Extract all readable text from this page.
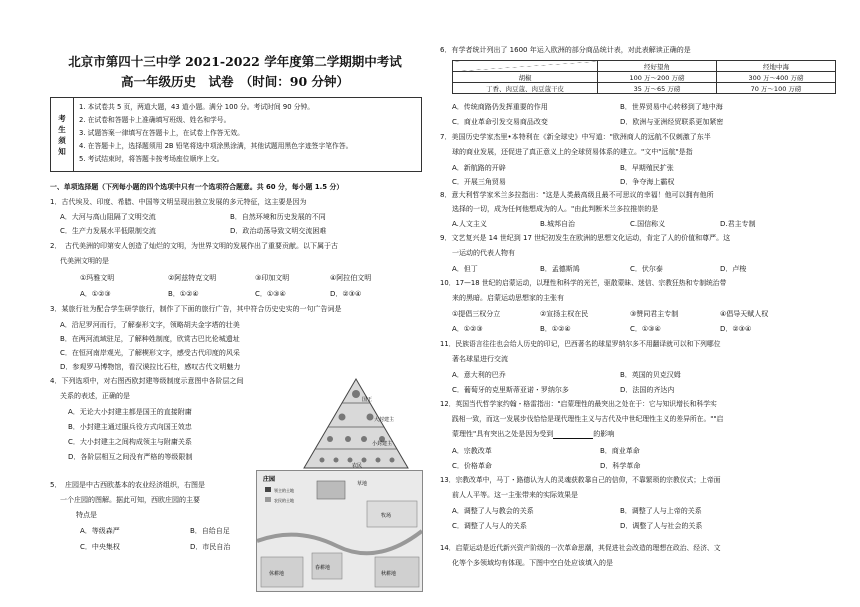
北京市第四十三中学 2021-2022 学年度第二学期期中考试
高一年级历史　试卷　（时间：90 分钟）
考
生
须
知
1. 本试卷共 5 页，两道大题，43 道小题。满分 100 分。考试时间 90 分钟。
2. 在试卷和答题卡上准确填写班级、姓名和学号。
3. 试题答案一律填写在答题卡上，在试卷上作答无效。
4. 在答题卡上，选择题须用 2B 铅笔将选中项涂黑涂满，其他试题用黑色字迹签字笔作答。
5. 考试结束时，将答题卡按考场座位顺序上交。
一、单项选择题（下列每小题的四个选项中只有一个选项符合题意。共 60 分，每小题 1.5 分）
1．古代埃及、印度、希腊、中国等文明呈现出独立发展的多元特征，这主要是因为
A．大河与高山阻隔了文明交流	B．自然环境和历史发展的不同
C．生产力发展水平低限制交流	D．政治动荡导致文明交流困难
2．　古代美洲的印第安人创造了灿烂的文明，为世界文明的发展作出了重要贡献。以下属于古
代美洲文明的是
①玛雅文明	②阿兹特克文明	③印加文明	④阿拉伯文明
A．①②③	B．①②④	C．①③④	D．②③④
3．某旅行社为配合学生研学旅行，制作了下面的旅行广告，其中符合历史史实的一句广告词是
A．沿尼罗河而行，了解泰形文字，领略胡夫金字塔的壮美
B．在两河流域驻足，了解种姓制度，欣赏古巴比伦城遗址
C．在恒河南岸观光，了解楔形文字，感受古代印度的风采
D．参观罗马博物馆，看汉谟拉比石柱，感叹古代文明魅力
4．下列选项中，对右图西欧封建等级制度示意图中各阶层之间
关系的表述，正确的是
A．无论大小封建主都是国王的直接附庸
B．小封建主通过服兵役方式向国王效忠
C．大小封建主之间构成领主与附庸关系
D．各阶层相互之间没有严格的等级限制
国王
大封建主
小封建主
农民
5．　庄园是中古西欧基本的农业经济组织，右图是
一个庄园的图解。据此可知，西欧庄园的主要
特点是
A．等级森严	B．自给自足
C．中央集权	D．市民自治
庄园
领主的土地
农民的土地
草地
牧场
休耕地	秋耕地
春耕地
6．有学者统计列出了 1600 年运入欧洲的部分商品统计表，对此表解读正确的是
	经好望角	经地中海
胡椒	100 万～200 万磅	300 万～400 万磅
丁香、肉豆蔻、肉豆蔻干皮	35 万～65 万磅	70 万～100 万磅
A．传统商路仍发挥重要的作用	B．世界贸易中心转移到了地中海
C．商业革命引发交易商品改变	D．欧洲与亚洲经贸联系更加紧密
7．美国历史学家杰里•本特利在《新全球史》中写道："欧洲商人的远航不仅刺激了东半
球的商业发展，还促进了真正意义上的全球贸易体系的建立。"文中"远航"是指
A．新航路的开辟	B．早期殖民扩张
C．开展三角贸易	D．争夺海上霸权
8．意大利哲学家米兰多拉指出："这是人类最高级且最不可思议的幸福！他可以拥有他所
选择的一切，成为任何他想成为的人。"由此判断米兰多拉推崇的是
A.人文主义	B.城邦自治	C.国信称义	D.君主专制
9．文艺复兴是 14 世纪到 17 世纪初发生在欧洲的思想文化运动，肯定了人的价值和尊严。这
一运动的代表人物有
A．但丁	B．孟德斯鸠	C．伏尔泰	D．卢梭
10．17—18 世纪的启蒙运动，以理性和科学的光芒，驱散蒙昧、迷信、宗教狂热和专制统治带
来的黑暗。启蒙运动思想家的主张有
①提倡三权分立	②宣扬主权在民	③赞同君主专制	④倡导天赋人权
A．①②③	B．①②④	C．①③④	D．②③④
11．民族语言往往也会给人历史的印记，巴西著名的球星罗纳尔多不用翻译就可以和下列哪位
著名球星进行交流
A．意大利的巴乔	B．英国的贝克汉姆
C．葡萄牙的克里斯蒂亚诺・罗纳尔多	D．法国的齐达内
12．英国当代哲学家约翰・格雷指出："启蒙理性的最突出之处在于：它与知识增长和科学实
践相一致，而这一发展步伐恰恰是现代理性主义与古代及中世纪理性主义的差异所在。""启
蒙理性"具有突出之处是因为受到	的影响
A．宗教改革	B．商业革命
C．价格革命	D．科学革命
13．宗教改革中，马丁・路德认为人的灵魂获救靠自己的信仰，不靠繁琐的宗教仪式；上帝面
前人人平等。这一主张带来的实际效果是
A．调整了人与教会的关系	B．调整了人与上帝的关系
C．调整了人与人的关系	D．调整了人与社会的关系
14．启蒙运动是近代新兴资产阶级的一次革命思潮，其促进社会改造的理想在政治、经济、文
化等个多领域均有体现。下图中空白处应该填入的是
